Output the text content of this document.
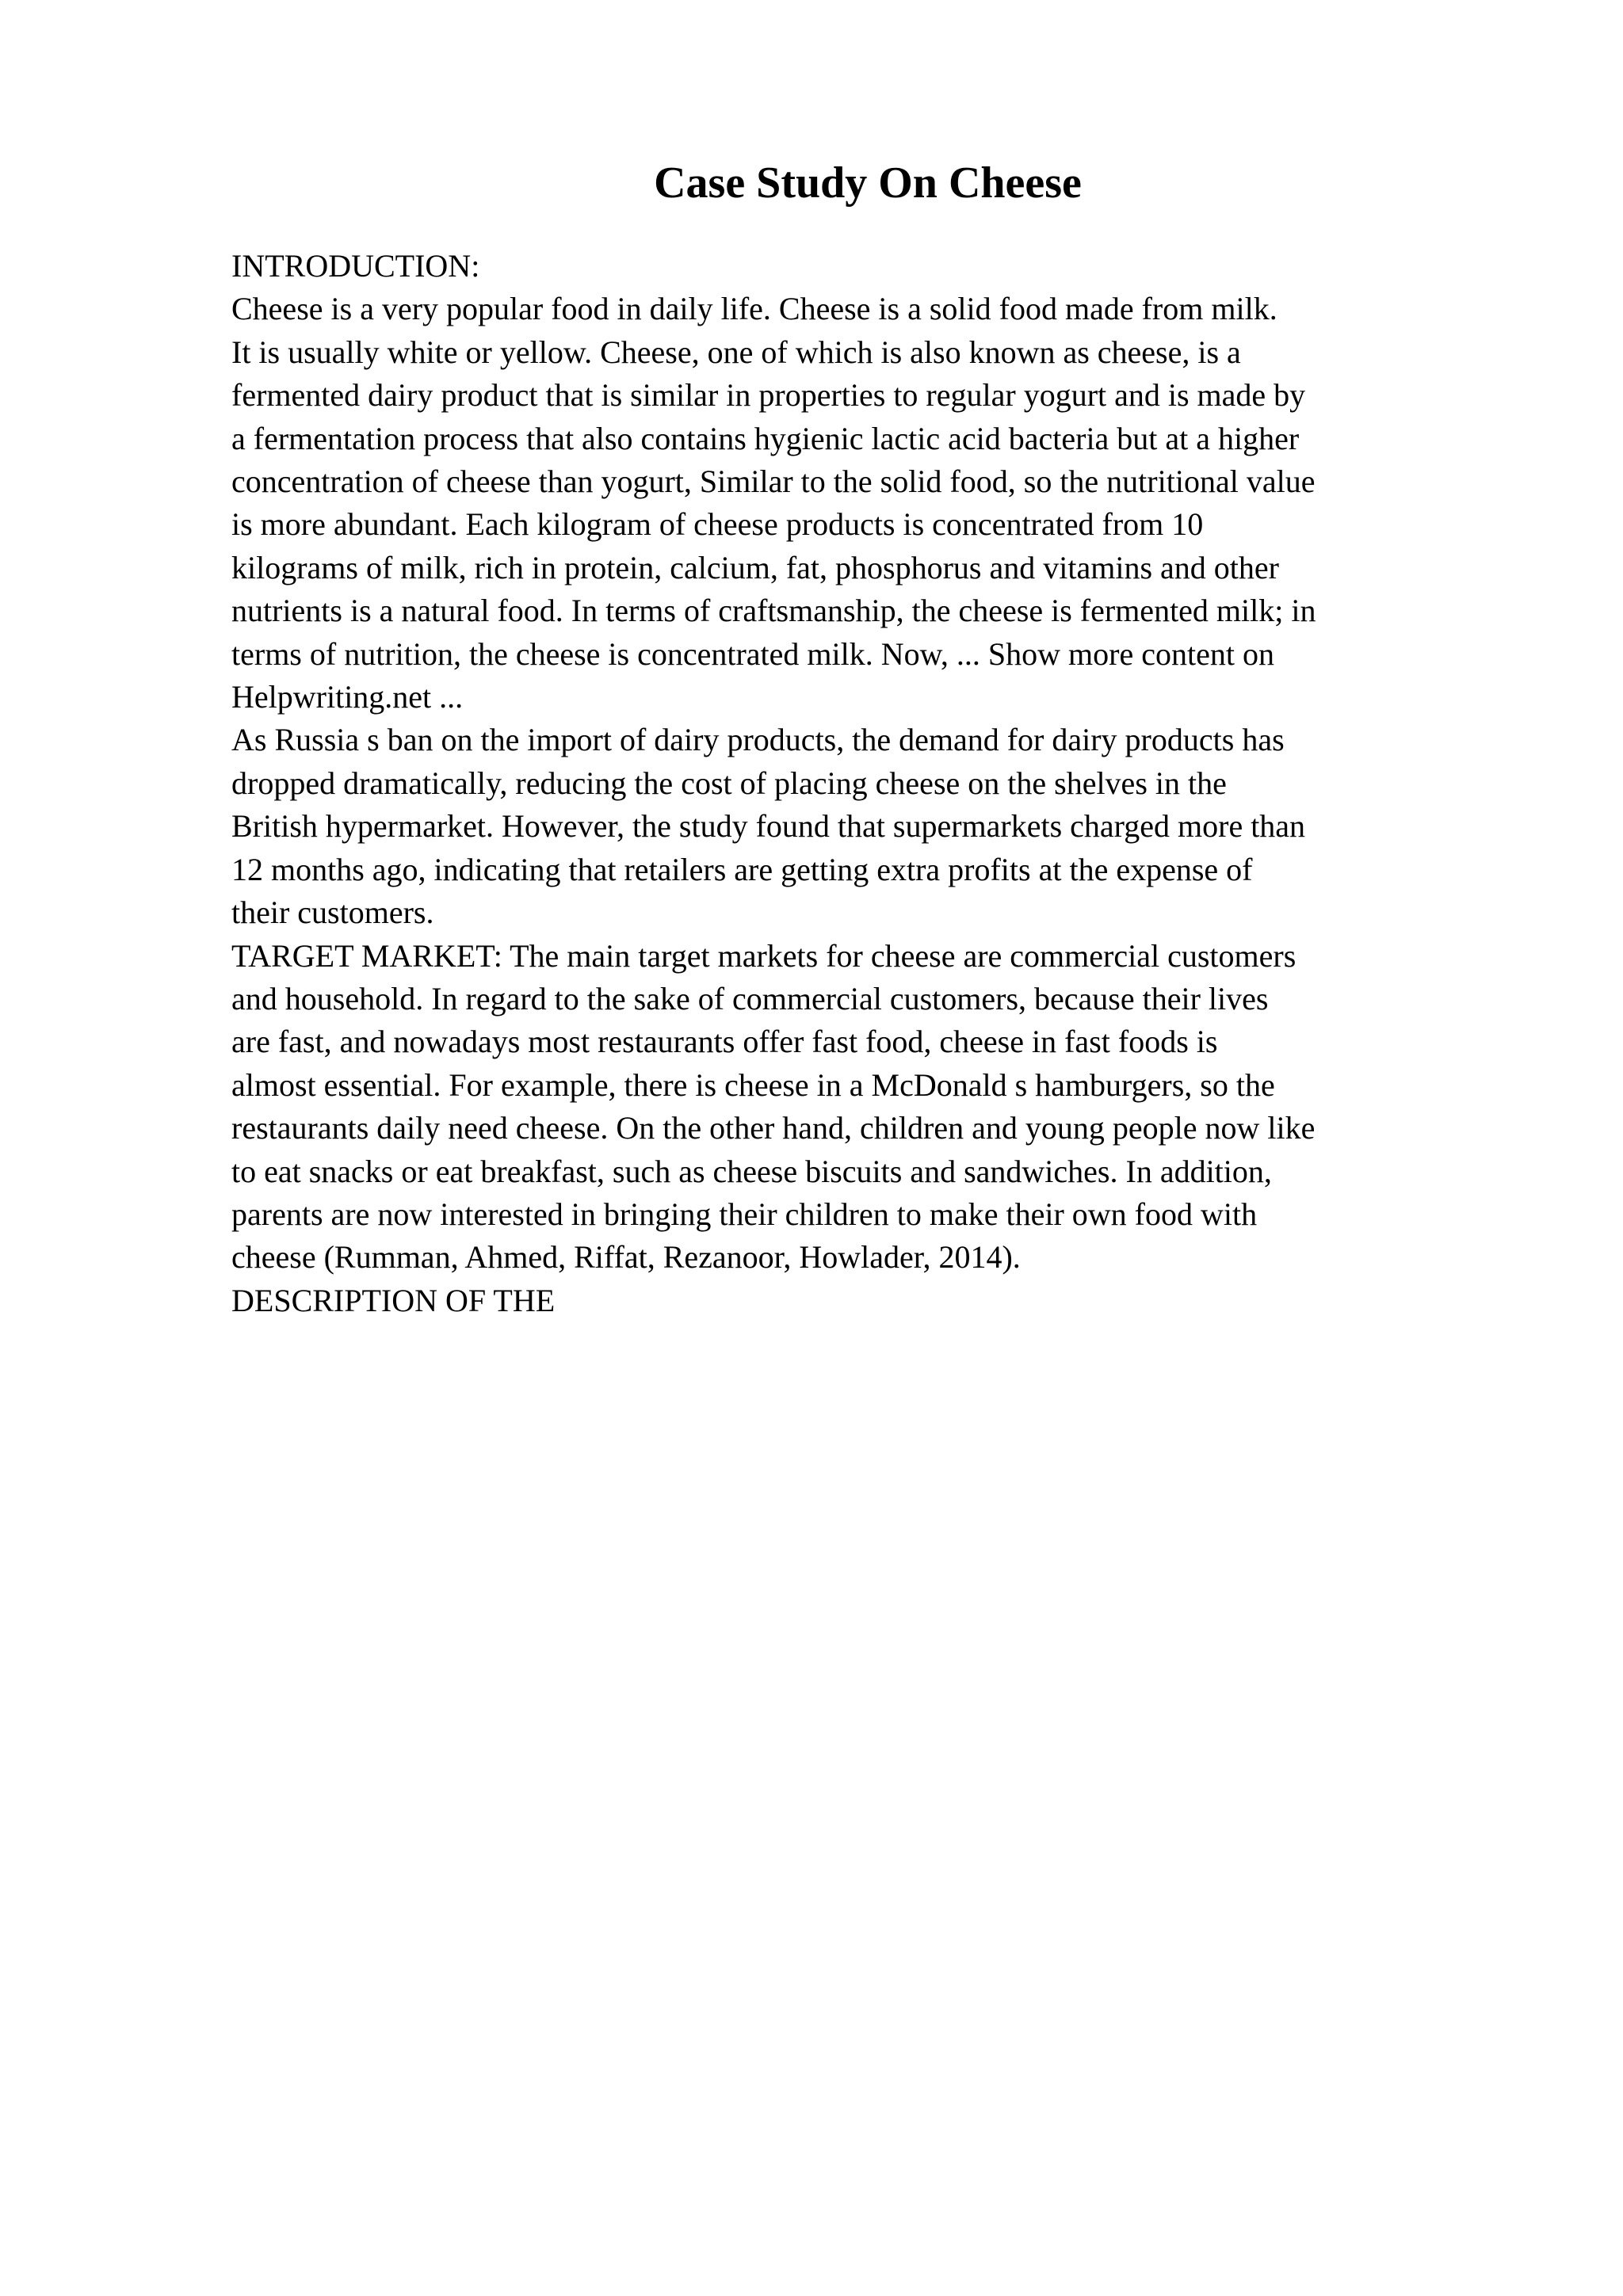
Case Study On Cheese

INTRODUCTION:

Cheese is a very popular food in daily life. Cheese is a solid food made from milk.

It is usually white or yellow. Cheese, one of which is also known as cheese, is a

fermented dairy product that is similar in properties to regular yogurt and is made by

a fermentation process that also contains hygienic lactic acid bacteria but at a higher

concentration of cheese than yogurt, Similar to the solid food, so the nutritional value

is more abundant. Each kilogram of cheese products is concentrated from 10

kilograms of milk, rich in protein, calcium, fat, phosphorus and vitamins and other

nutrients is a natural food. In terms of craftsmanship, the cheese is fermented milk; in

terms of nutrition, the cheese is concentrated milk. Now, ... Show more content on

Helpwriting.net ...

As Russia s ban on the import of dairy products, the demand for dairy products has

dropped dramatically, reducing the cost of placing cheese on the shelves in the

British hypermarket. However, the study found that supermarkets charged more than

12 months ago, indicating that retailers are getting extra profits at the expense of

their customers.

TARGET MARKET: The main target markets for cheese are commercial customers

and household. In regard to the sake of commercial customers, because their lives

are fast, and nowadays most restaurants offer fast food, cheese in fast foods is

almost essential. For example, there is cheese in a McDonald s hamburgers, so the

restaurants daily need cheese. On the other hand, children and young people now like

to eat snacks or eat breakfast, such as cheese biscuits and sandwiches. In addition,

parents are now interested in bringing their children to make their own food with

cheese (Rumman, Ahmed, Riffat, Rezanoor, Howlader, 2014).

DESCRIPTION OF THE
